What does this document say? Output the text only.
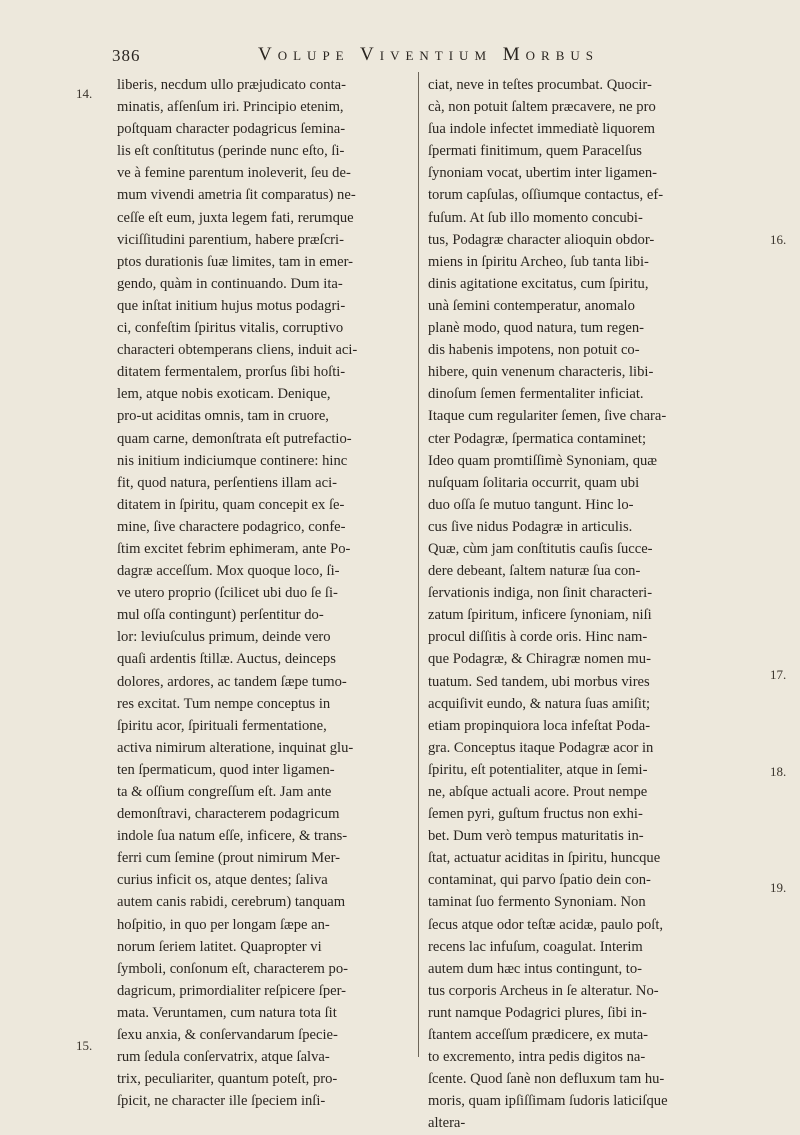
386	Volupe Viventium Morbus
14.
15.
16.
17.
18.
19.
liberis, necdum ullo præjudicato conta-
minatis, afſenſum iri. Principio etenim,
poſtquam character podagricus ſemina-
lis eſt conſtitutus (perinde nunc eſto, ſi-
ve à femine parentum inoleverit, ſeu de-
mum vivendi ametria ſit comparatus) ne-
ceſſe eſt eum, juxta legem fati, rerumque
viciſſitudini parentium, habere præſcri-
ptos durationis ſuæ limites, tam in emer-
gendo, quàm in continuando. Dum ita-
que inſtat initium hujus motus podagri-
ci, confeſtim ſpiritus vitalis, corruptivo
characteri obtemperans cliens, induit aci-
ditatem fermentalem, prorſus ſibi hoſti-
lem, atque nobis exoticam. Denique,
pro-ut aciditas omnis, tam in cruore,
quam carne, demonſtrata eſt putrefactio-
nis initium indiciumque continere: hinc
fit, quod natura, perſentiens illam aci-
ditatem in ſpiritu, quam concepit ex ſe-
mine, ſive charactere podagrico, confe-
ſtim excitet febrim ephimeram, ante Po-
dagræ acceſſum. Mox quoque loco, ſi-
ve utero proprio (ſcilicet ubi duo ſe ſi-
mul oſſa contingunt) perſentitur do-
lor: leviuſculus primum, deinde vero
quaſi ardentis ſtillæ. Auctus, deinceps
dolores, ardores, ac tandem ſæpe tumo-
res excitat. Tum nempe conceptus in
ſpiritu acor, ſpirituali fermentatione,
activa nimirum alteratione, inquinat glu-
ten ſpermaticum, quod inter ligamen-
ta & oſſium congreſſum eſt. Jam ante
demonſtravi, characterem podagricum
indole ſua natum eſſe, inficere, & trans-
ferri cum ſemine (prout nimirum Mer-
curius inficit os, atque dentes; ſaliva
autem canis rabidi, cerebrum) tanquam
hoſpitio, in quo per longam ſæpe an-
norum ſeriem latitet. Quapropter vi
ſymboli, conſonum eſt, characterem po-
dagricum, primordialiter reſpicere ſper-
mata. Veruntamen, cum natura tota ſit
ſexu anxia, & conſervandarum ſpecie-
rum ſedula conſervatrix, atque ſalva-
trix, peculiariter, quantum poteſt, pro-
ſpicit, ne character ille ſpeciem inſi-
ciat, neve in teſtes procumbat. Quocir-
cà, non potuit ſaltem præcavere, ne pro
ſua indole infectet immediatè liquorem
ſpermati finitimum, quem Paracelſus
ſynoniam vocat, ubertim inter ligamen-
torum capſulas, oſſiumque contactus, ef-
fuſum. At ſub illo momento concubi-
tus, Podagræ character alioquin obdor-
miens in ſpiritu Archeo, ſub tanta libi-
dinis agitatione excitatus, cum ſpiritu,
unà ſemini contemperatur, anomalo
planè modo, quod natura, tum regen-
dis habenis impotens, non potuit co-
hibere, quin venenum characteris, libi-
dinoſum ſemen fermentaliter inficiat.
Itaque cum regulariter ſemen, ſive chara-
cter Podagræ, ſpermatica contaminet;
Ideo quam promtiſſimè Synoniam, quæ
nuſquam ſolitaria occurrit, quam ubi
duo oſſa ſe mutuo tangunt. Hinc lo-
cus ſive nidus Podagræ in articulis.
Quæ, cùm jam conſtitutis cauſis ſucce-
dere debeant, ſaltem naturæ ſua con-
ſervationis indiga, non ſinit characteri-
zatum ſpiritum, inficere ſynoniam, niſi
procul diſſitis à corde oris. Hinc nam-
que Podagræ, & Chiragræ nomen mu-
tuatum. Sed tandem, ubi morbus vires
acquiſivit eundo, & natura ſuas amiſit;
etiam propinquiora loca infeſtat Poda-
gra. Conceptus itaque Podagræ acor in
ſpiritu, eſt potentialiter, atque in ſemi-
ne, abſque actuali acore. Prout nempe
ſemen pyri, guſtum fructus non exhi-
bet. Dum verò tempus maturitatis in-
ſtat, actuatur aciditas in ſpiritu, huncque
contaminat, qui parvo ſpatio dein con-
taminat ſuo fermento Synoniam. Non
ſecus atque odor teſtæ acidæ, paulo poſt,
recens lac infuſum, coagulat. Interim
autem dum hæc intus contingunt, to-
tus corporis Archeus in ſe alteratur. No-
runt namque Podagrici plures, ſibi in-
ſtantem acceſſum prædicere, ex muta-
to excremento, intra pedis digitos na-
ſcente. Quod ſanè non defluxum tam hu-
moris, quam ipſiſſimam ſudoris laticiſque
altera-
